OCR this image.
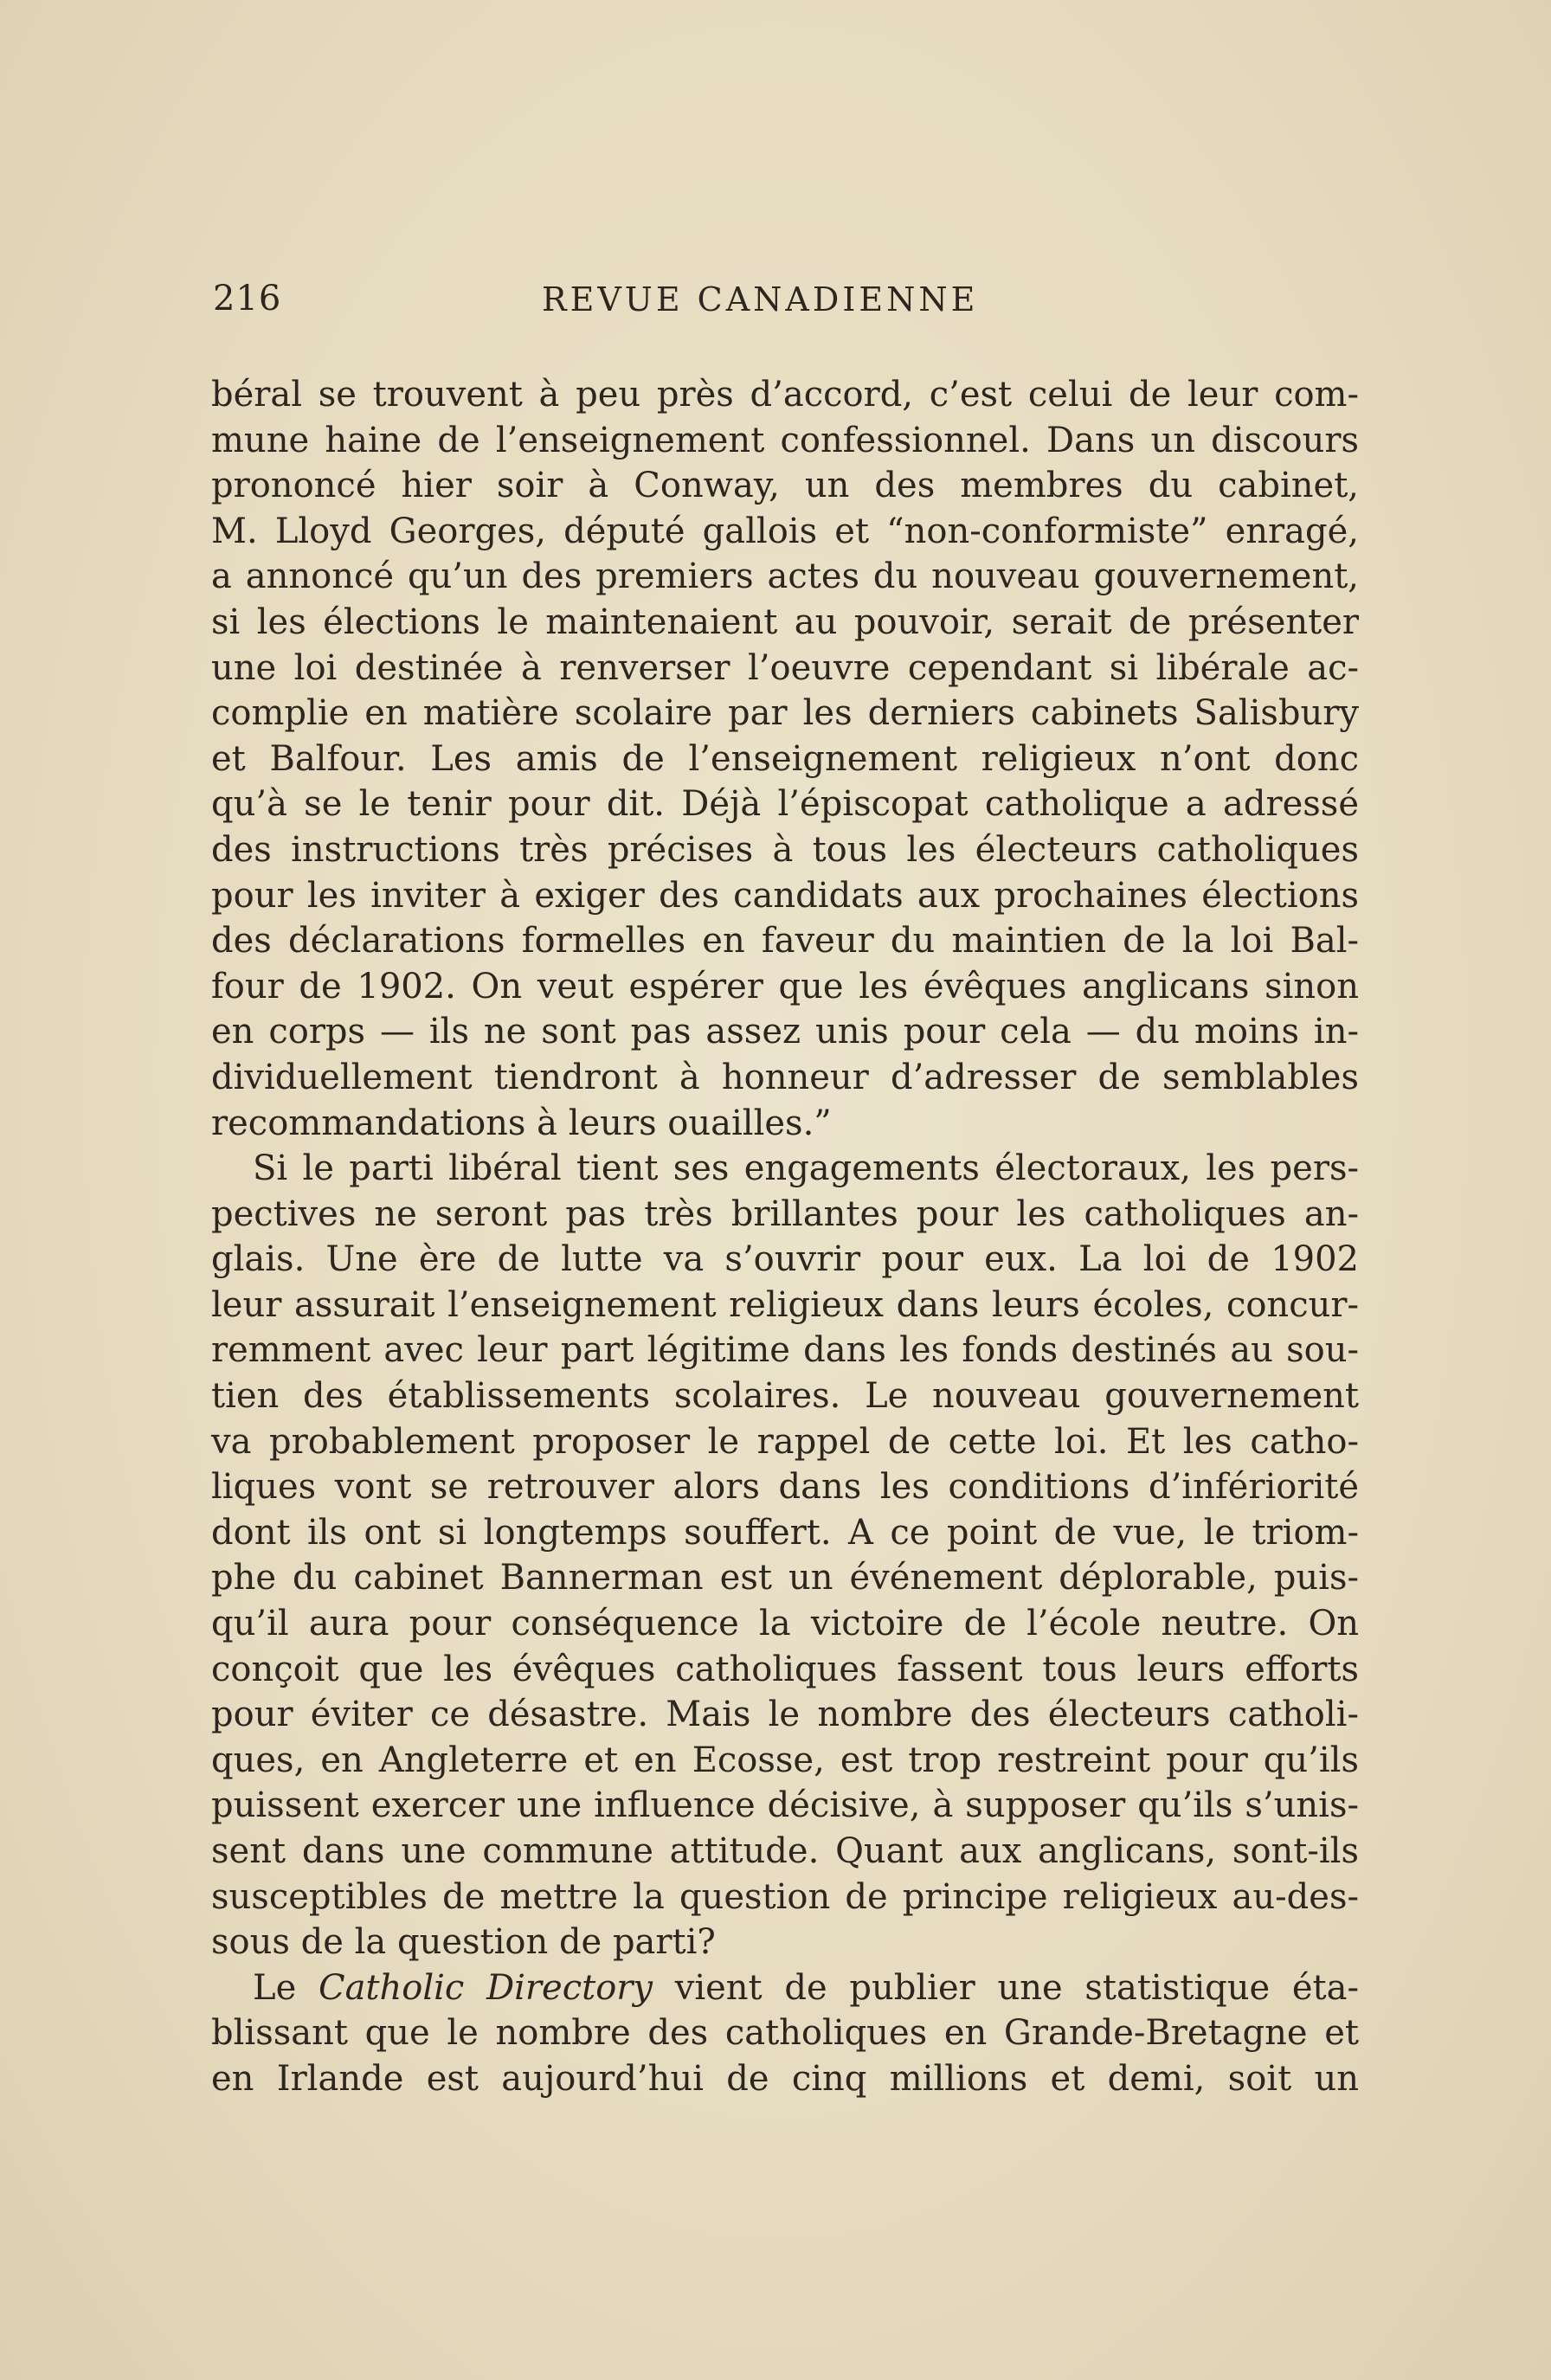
216	REVUE CANADIENNE
béral se trouvent à peu près d’accord, c’est celui de leur com-
mune haine de l’enseignement confessionnel. Dans un discours
prononcé hier soir à Conway, un des membres du cabinet,
M. Lloyd Georges, député gallois et “non-conformiste” enragé,
a annoncé qu’un des premiers actes du nouveau gouvernement,
si les élections le maintenaient au pouvoir, serait de présenter
une loi destinée à renverser l’oeuvre cependant si libérale ac-
complie en matière scolaire par les derniers cabinets Salisbury
et Balfour. Les amis de l’enseignement religieux n’ont donc
qu’à se le tenir pour dit. Déjà l’épiscopat catholique a adressé
des instructions très précises à tous les électeurs catholiques
pour les inviter à exiger des candidats aux prochaines élections
des déclarations formelles en faveur du maintien de la loi Bal-
four de 1902. On veut espérer que les évêques anglicans sinon
en corps — ils ne sont pas assez unis pour cela — du moins in-
dividuellement tiendront à honneur d’adresser de semblables
recommandations à leurs ouailles.”
Si le parti libéral tient ses engagements électoraux, les pers-
pectives ne seront pas très brillantes pour les catholiques an-
glais. Une ère de lutte va s’ouvrir pour eux. La loi de 1902
leur assurait l’enseignement religieux dans leurs écoles, concur-
remment avec leur part légitime dans les fonds destinés au sou-
tien des établissements scolaires. Le nouveau gouvernement
va probablement proposer le rappel de cette loi. Et les catho-
liques vont se retrouver alors dans les conditions d’infériorité
dont ils ont si longtemps souffert. A ce point de vue, le triom-
phe du cabinet Bannerman est un événement déplorable, puis-
qu’il aura pour conséquence la victoire de l’école neutre. On
conçoit que les évêques catholiques fassent tous leurs efforts
pour éviter ce désastre. Mais le nombre des électeurs catholi-
ques, en Angleterre et en Ecosse, est trop restreint pour qu’ils
puissent exercer une influence décisive, à supposer qu’ils s’unis-
sent dans une commune attitude. Quant aux anglicans, sont-ils
susceptibles de mettre la question de principe religieux au-des-
sous de la question de parti?
Le Catholic Directory vient de publier une statistique éta-
blissant que le nombre des catholiques en Grande-Bretagne et
en Irlande est aujourd’hui de cinq millions et demi, soit un
